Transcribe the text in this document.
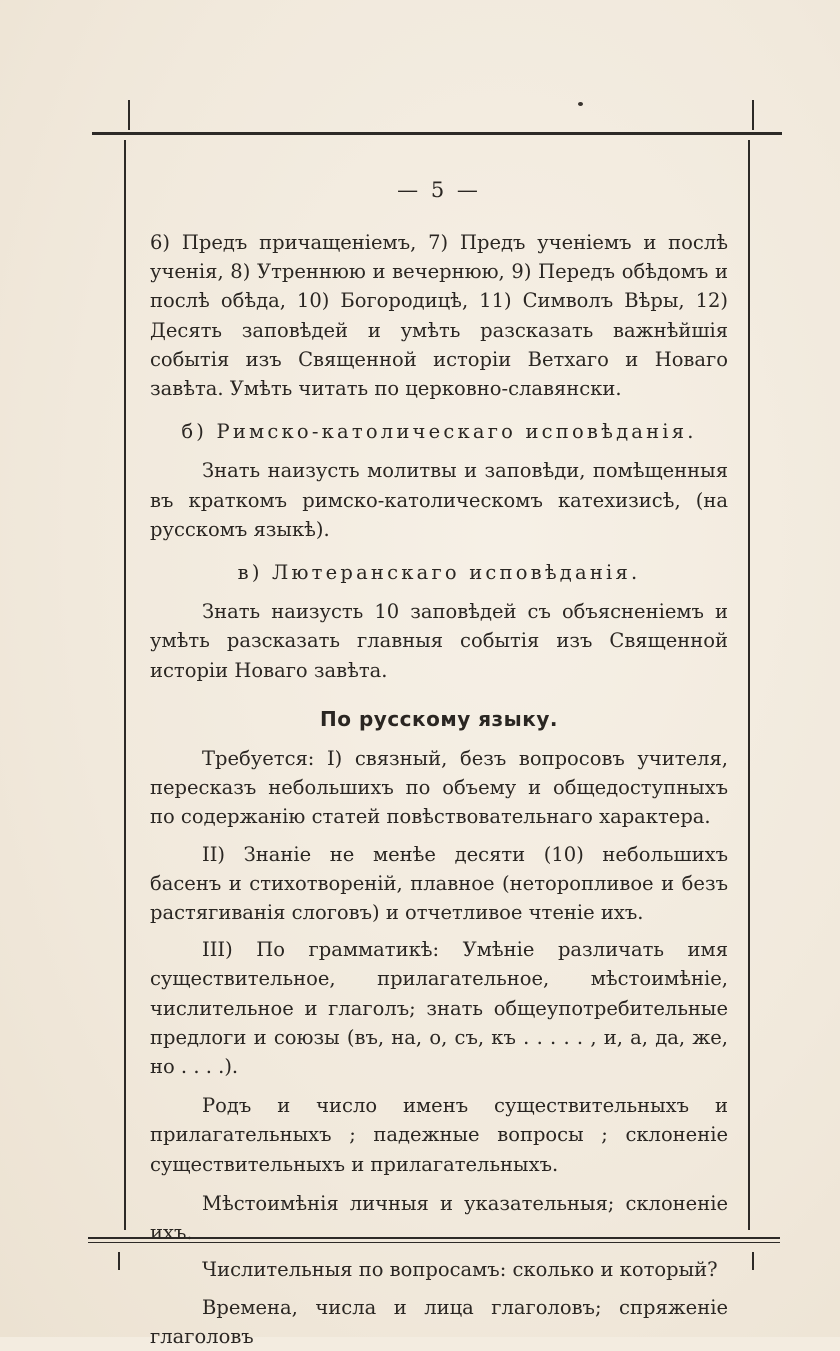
— 5 —

6) Предъ причащеніемъ, 7) Предъ ученіемъ и послѣ ученія, 8) Утреннюю и вечернюю, 9) Передъ обѣдомъ и послѣ обѣда, 10) Богородицѣ, 11) Символъ Вѣры, 12) Десять заповѣдей и умѣть разсказать важнѣйшія событія изъ Священной исторіи Ветхаго и Новаго завѣта. Умѣть читать по церковно-славянски.

б) Римско-католическаго исповѣданія.

Знать наизусть молитвы и заповѣди, помѣщенныя въ краткомъ римско-католическомъ катехизисѣ, (на русскомъ языкѣ).

в) Лютеранскаго исповѣданія.

Знать наизусть 10 заповѣдей съ объясненіемъ и умѣть разсказать главныя событія изъ Священной исторіи Новаго завѣта.

По русскому языку.

Требуется: I) связный, безъ вопросовъ учителя, пересказъ небольшихъ по объему и общедоступныхъ по содержанію статей повѣствовательнаго характера.

II) Знаніе не менѣе десяти (10) небольшихъ басенъ и стихотвореній, плавное (неторопливое и безъ растягиванія слоговъ) и отчетливое чтеніе ихъ.

III) По грамматикѣ: Умѣніе различать имя существительное, прилагательное, мѣстоимѣніе, числительное и глаголъ; знать общеупотребительные предлоги и союзы (въ, на, о, съ, къ . . . . . , и, а, да, же, но . . . .).

Родъ и число именъ существительныхъ и прилагательныхъ ; падежные вопросы ; склоненіе существительныхъ и прилагательныхъ.

Мѣстоимѣнія личныя и указательныя; склоненіе ихъ.

Числительныя по вопросамъ: сколько и который?

Времена, числа и лица глаголовъ; спряженіе глаголовъ
